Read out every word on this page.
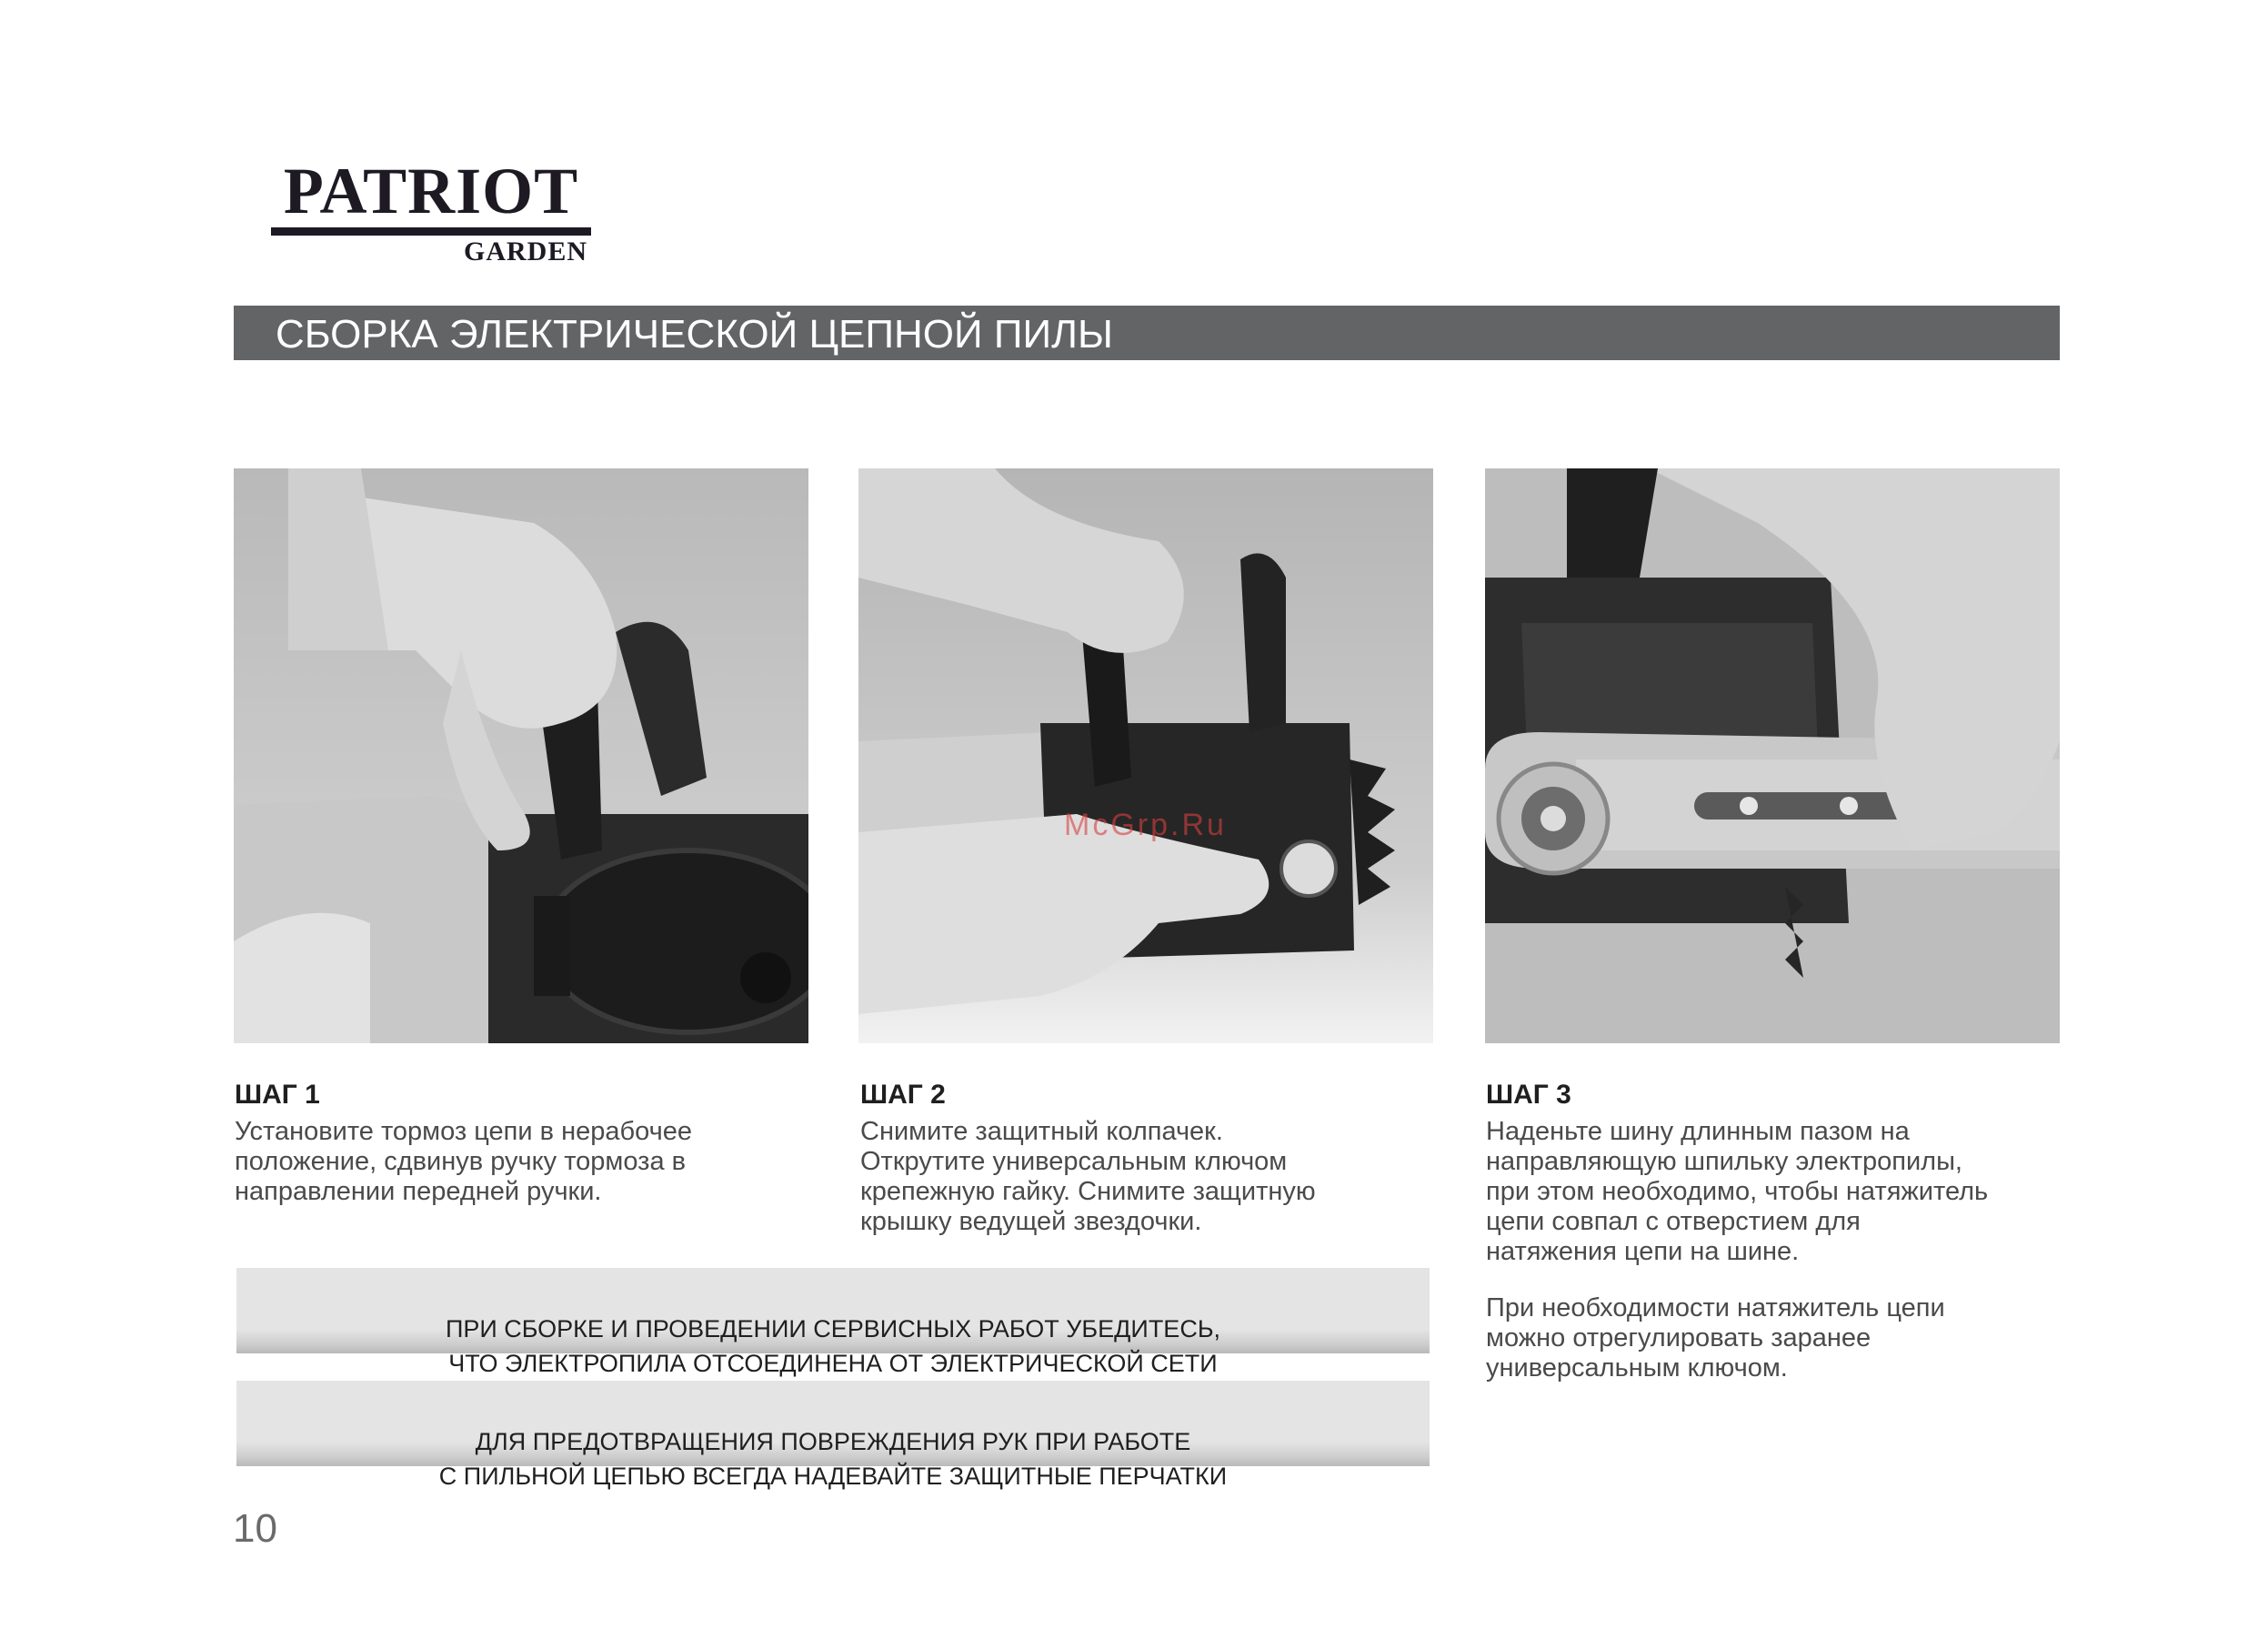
PATRIOT
GARDEN
СБОРКА ЭЛЕКТРИЧЕСКОЙ ЦЕПНОЙ ПИЛЫ
McGrp.Ru
ШАГ 1
Установите тормоз цепи в нерабочее
положение, сдвинув ручку тормоза в
направлении передней ручки.
ШАГ 2
Снимите защитный колпачек.
Открутите универсальным ключом
крепежную гайку. Снимите защитную
крышку ведущей звездочки.
ШАГ 3
Наденьте шину длинным пазом на
направляющую шпильку электропилы,
при этом необходимо, чтобы натяжитель
цепи совпал с отверстием для
натяжения цепи на шине.
При необходимости натяжитель цепи
можно отрегулировать заранее
универсальным ключом.

ПРИ СБОРКЕ И ПРОВЕДЕНИИ СЕРВИСНЫХ РАБОТ УБЕДИТЕСЬ,
ЧТО ЭЛЕКТРОПИЛА ОТСОЕДИНЕНА ОТ ЭЛЕКТРИЧЕСКОЙ СЕТИ

ДЛЯ ПРЕДОТВРАЩЕНИЯ ПОВРЕЖДЕНИЯ РУК ПРИ РАБОТЕ
С ПИЛЬНОЙ ЦЕПЬЮ ВСЕГДА НАДЕВАЙТЕ ЗАЩИТНЫЕ ПЕРЧАТКИ

10
